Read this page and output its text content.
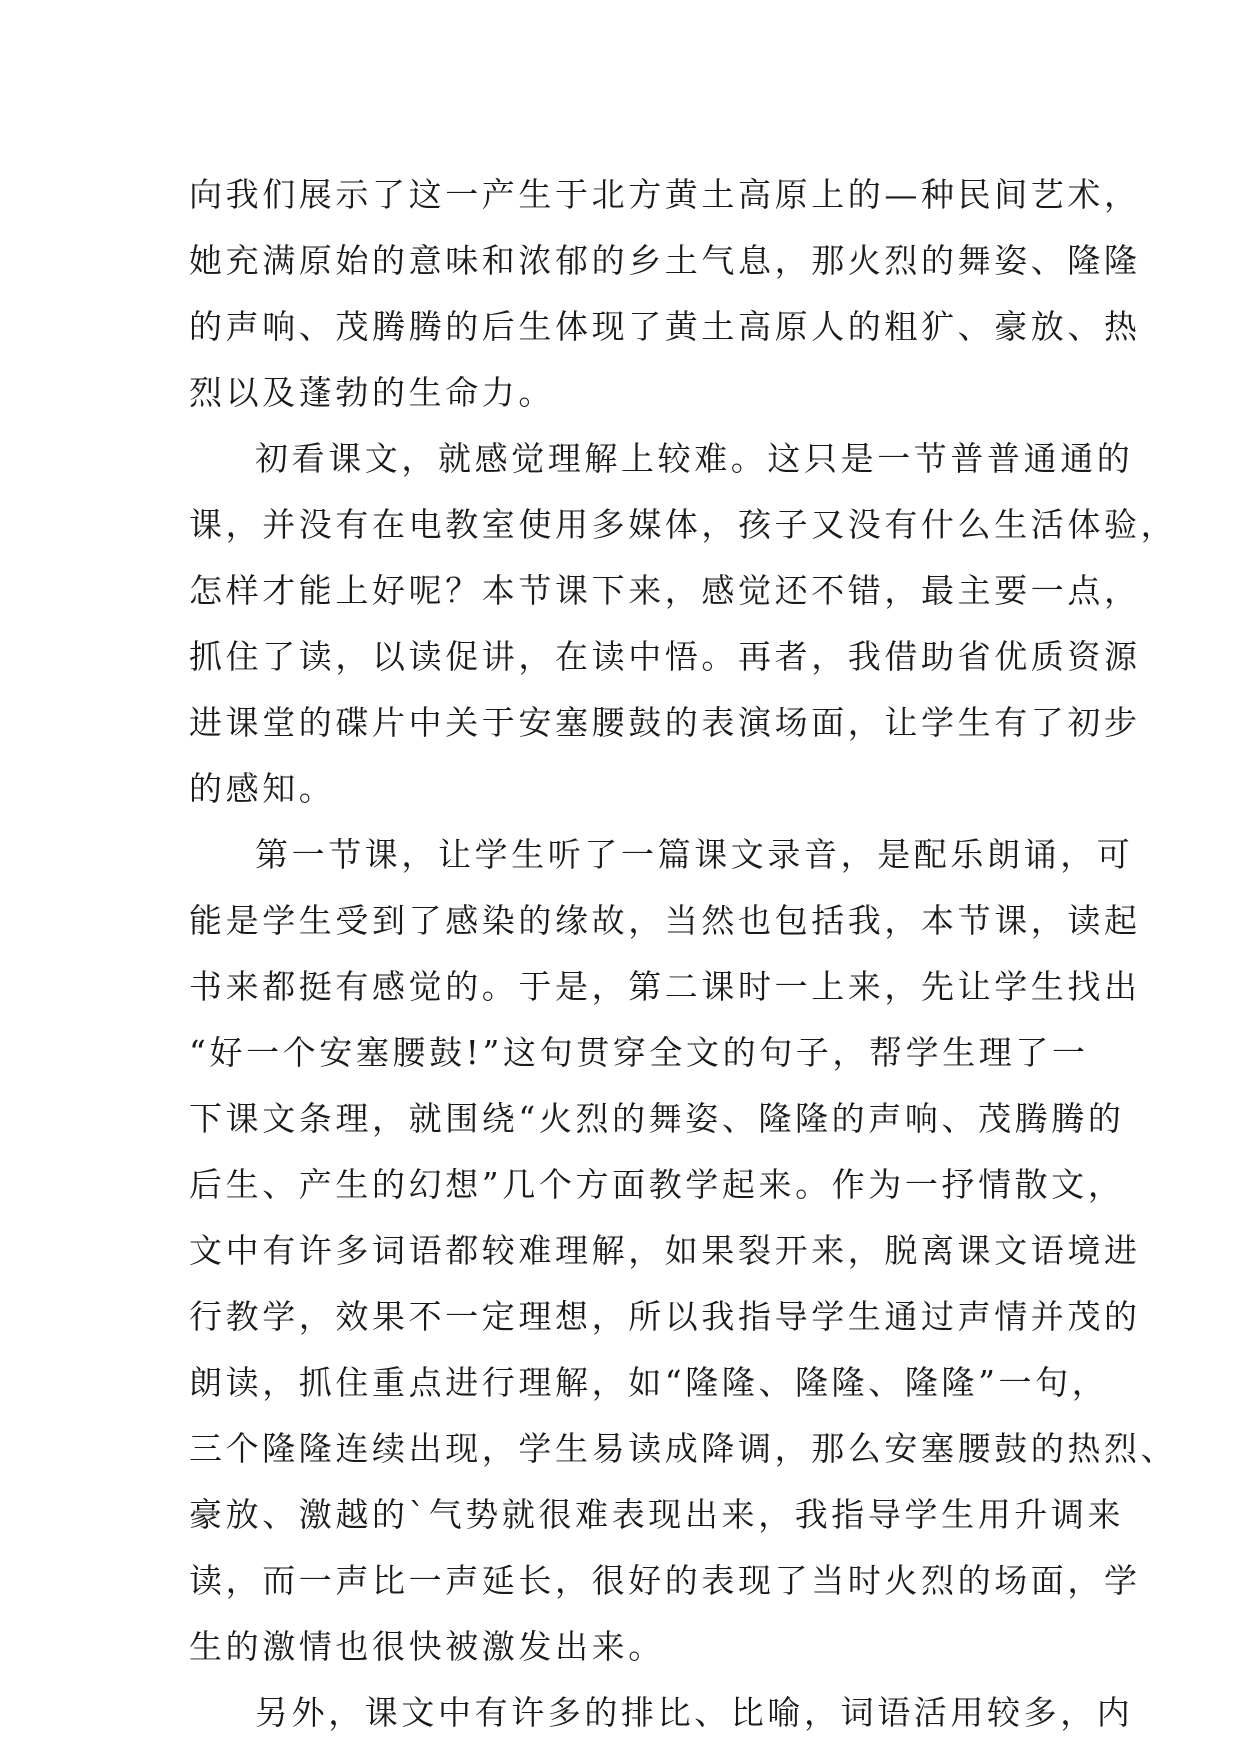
向我们展示了这一产生于北方黄土高原上的—种民间艺术，
她充满原始的意味和浓郁的乡土气息，那火烈的舞姿、隆隆
的声响、茂腾腾的后生体现了黄土高原人的粗犷、豪放、热
烈以及蓬勃的生命力。
初看课文，就感觉理解上较难。这只是一节普普通通的
课，并没有在电教室使用多媒体，孩子又没有什么生活体验，
怎样才能上好呢？本节课下来，感觉还不错，最主要一点，
抓住了读，以读促讲，在读中悟。再者，我借助省优质资源
进课堂的碟片中关于安塞腰鼓的表演场面，让学生有了初步
的感知。
第一节课，让学生听了一篇课文录音，是配乐朗诵，可
能是学生受到了感染的缘故，当然也包括我，本节课，读起
书来都挺有感觉的。于是，第二课时一上来，先让学生找出
“好一个安塞腰鼓!”这句贯穿全文的句子，帮学生理了一
下课文条理，就围绕“火烈的舞姿、隆隆的声响、茂腾腾的
后生、产生的幻想”几个方面教学起来。作为一抒情散文，
文中有许多词语都较难理解，如果裂开来，脱离课文语境进
行教学，效果不一定理想，所以我指导学生通过声情并茂的
朗读，抓住重点进行理解，如“隆隆、隆隆、隆隆”一句，
三个隆隆连续出现，学生易读成降调，那么安塞腰鼓的热烈、
豪放、激越的`气势就很难表现出来，我指导学生用升调来
读，而一声比一声延长，很好的表现了当时火烈的场面，学
生的激情也很快被激发出来。
另外，课文中有许多的排比、比喻，词语活用较多，内
